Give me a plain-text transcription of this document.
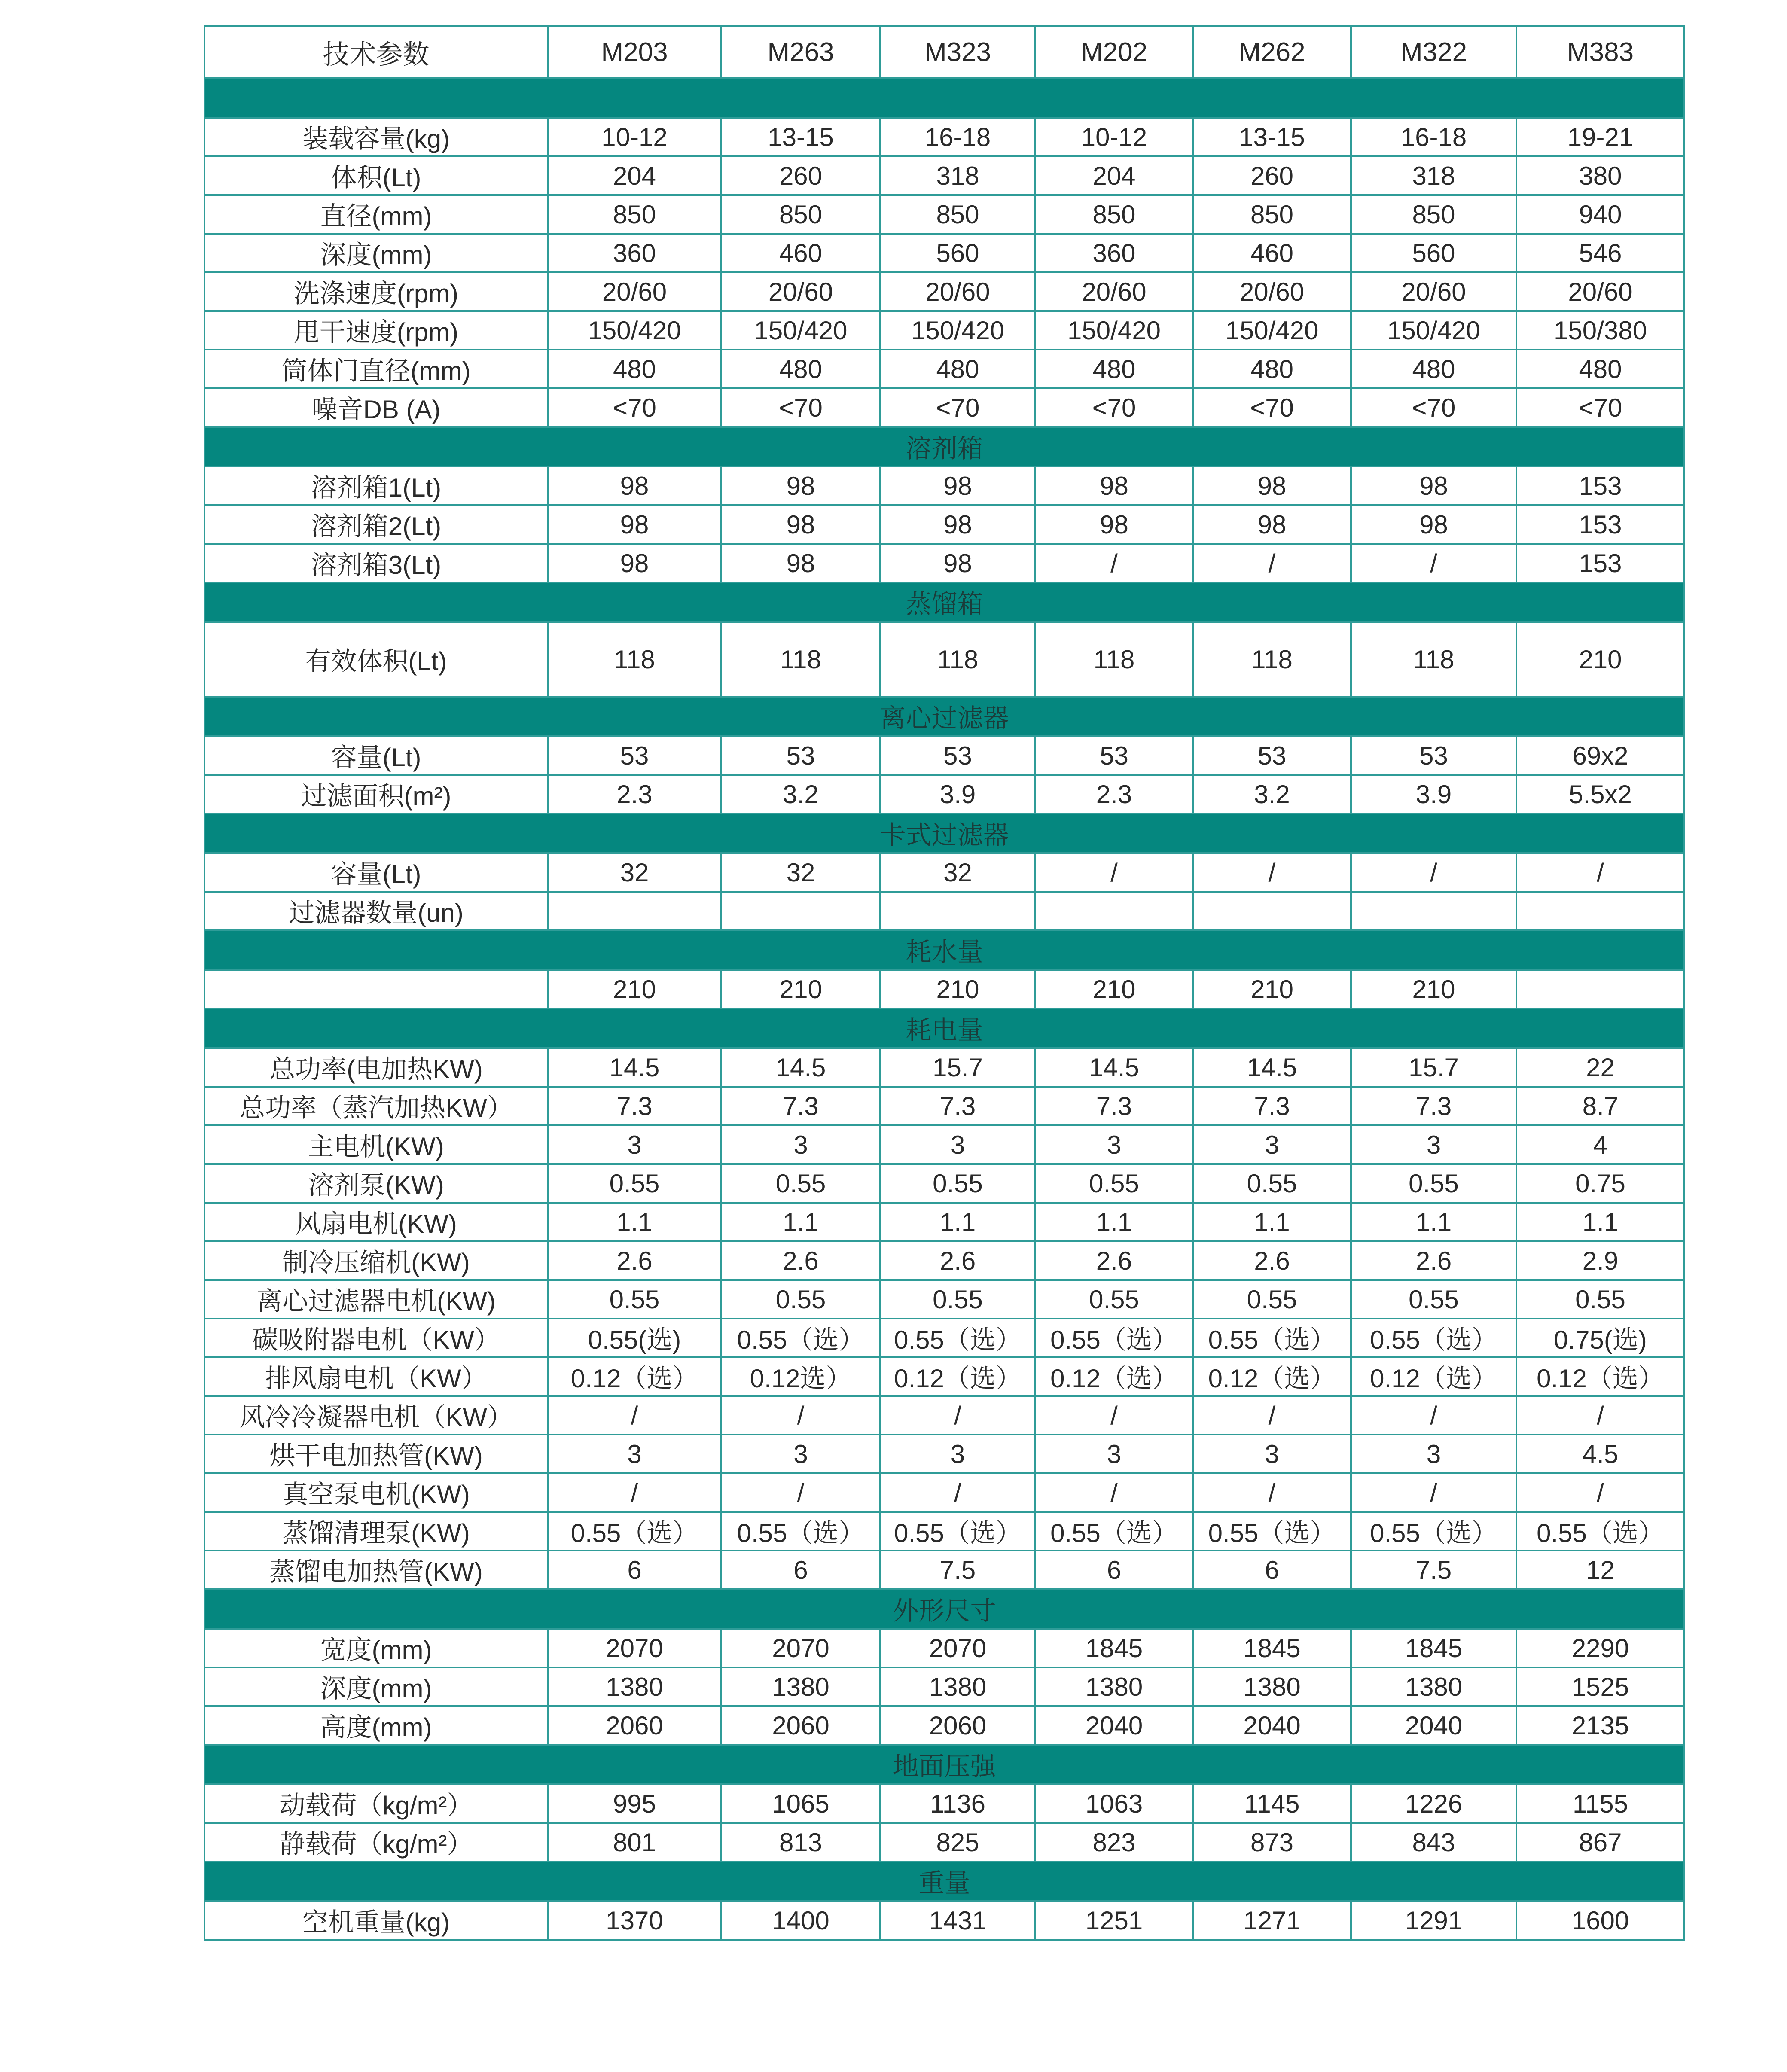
技术参数	M203	M263	M323	M202	M262	M322	M383

装载容量(kg)	10-12	13-15	16-18	10-12	13-15	16-18	19-21
体积(Lt)	204	260	318	204	260	318	380
直径(mm)	850	850	850	850	850	850	940
深度(mm)	360	460	560	360	460	560	546
洗涤速度(rpm)	20/60	20/60	20/60	20/60	20/60	20/60	20/60
甩干速度(rpm)	150/420	150/420	150/420	150/420	150/420	150/420	150/380
筒体门直径(mm)	480	480	480	480	480	480	480
噪音DB (A)	<70	<70	<70	<70	<70	<70	<70
溶剂箱							
溶剂箱1(Lt)	98	98	98	98	98	98	153
溶剂箱2(Lt)	98	98	98	98	98	98	153
溶剂箱3(Lt)	98	98	98	/	/	/	153
蒸馏箱							
有效体积(Lt)	118	118	118	118	118	118	210
离心过滤器							
容量(Lt)	53	53	53	53	53	53	69x2
过滤面积(m²)	2.3	3.2	3.9	2.3	3.2	3.9	5.5x2
卡式过滤器							
容量(Lt)	32	32	32	/	/	/	/
过滤器数量(un)							
耗水量							
	210	210	210	210	210	210	
耗电量							
总功率(电加热KW)	14.5	14.5	15.7	14.5	14.5	15.7	22
总功率（蒸汽加热KW）	7.3	7.3	7.3	7.3	7.3	7.3	8.7
主电机(KW)	3	3	3	3	3	3	4
溶剂泵(KW)	0.55	0.55	0.55	0.55	0.55	0.55	0.75
风扇电机(KW)	1.1	1.1	1.1	1.1	1.1	1.1	1.1
制冷压缩机(KW)	2.6	2.6	2.6	2.6	2.6	2.6	2.9
离心过滤器电机(KW)	0.55	0.55	0.55	0.55	0.55	0.55	0.55
碳吸附器电机（KW）	0.55(选)	0.55（选）	0.55（选）	0.55（选）	0.55（选）	0.55（选）	0.75(选)
排风扇电机（KW）	0.12（选）	0.12选）	0.12（选）	0.12（选）	0.12（选）	0.12（选）	0.12（选）
风冷冷凝器电机（KW）	/	/	/	/	/	/	/
烘干电加热管(KW)	3	3	3	3	3	3	4.5
真空泵电机(KW)	/	/	/	/	/	/	/
蒸馏清理泵(KW)	0.55（选）	0.55（选）	0.55（选）	0.55（选）	0.55（选）	0.55（选）	0.55（选）
蒸馏电加热管(KW)	6	6	7.5	6	6	7.5	12
外形尺寸							
宽度(mm)	2070	2070	2070	1845	1845	1845	2290
深度(mm)	1380	1380	1380	1380	1380	1380	1525
高度(mm)	2060	2060	2060	2040	2040	2040	2135
地面压强							
动载荷（kg/m²）	995	1065	1136	1063	1145	1226	1155
静载荷（kg/m²）	801	813	825	823	873	843	867
重量							
空机重量(kg)	1370	1400	1431	1251	1271	1291	1600
